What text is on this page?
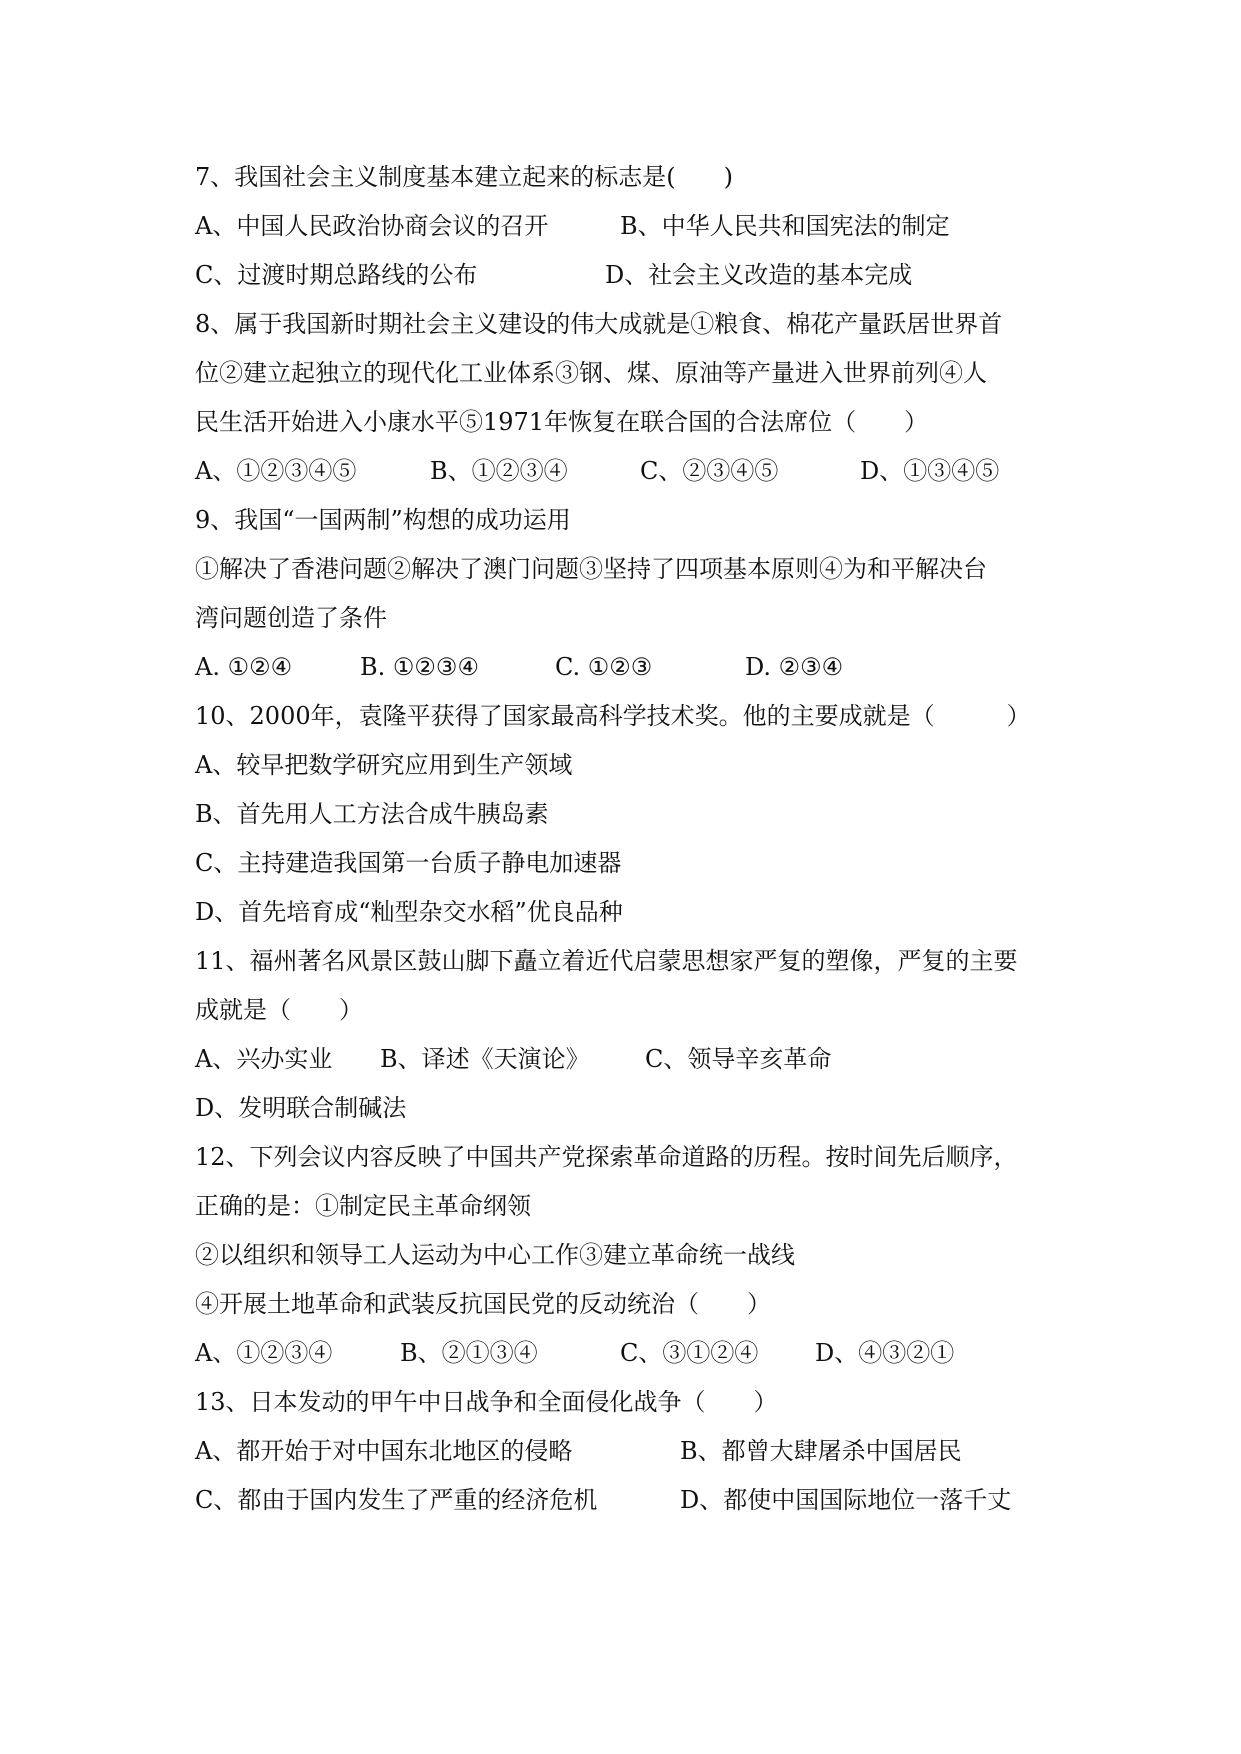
7、我国社会主义制度基本建立起来的标志是(　　)
A、中国人民政治协商会议的召开	B、中华人民共和国宪法的制定
C、过渡时期总路线的公布	D、社会主义改造的基本完成
8、属于我国新时期社会主义建设的伟大成就是①粮食、棉花产量跃居世界首
位②建立起独立的现代化工业体系③钢、煤、原油等产量进入世界前列④人
民生活开始进入小康水平⑤1971年恢复在联合国的合法席位（　　）
A、①②③④⑤	B、①②③④	C、②③④⑤	D、①③④⑤
9、我国“一国两制”构想的成功运用
①解决了香港问题②解决了澳门问题③坚持了四项基本原则④为和平解决台
湾问题创造了条件
A. ①②④	B. ①②③④	C. ①②③	D. ②③④
10、2000年，袁隆平获得了国家最高科学技术奖。他的主要成就是（　　　）
A、较早把数学研究应用到生产领域
B、首先用人工方法合成牛胰岛素
C、主持建造我国第一台质子静电加速器
D、首先培育成“籼型杂交水稻”优良品种
11、福州著名风景区鼓山脚下矗立着近代启蒙思想家严复的塑像，严复的主要
成就是（　　）
A、兴办实业 B、译述《天演论》 C、领导辛亥革命
D、发明联合制碱法
12、下列会议内容反映了中国共产党探索革命道路的历程。按时间先后顺序，
正确的是：①制定民主革命纲领
②以组织和领导工人运动为中心工作③建立革命统一战线
④开展土地革命和武装反抗国民党的反动统治（　　）
A、①②③④	B、②①③④	C、③①②④ D、④③②①
13、日本发动的甲午中日战争和全面侵化战争（　　）
A、都开始于对中国东北地区的侵略	B、都曾大肆屠杀中国居民
C、都由于国内发生了严重的经济危机	D、都使中国国际地位一落千丈
